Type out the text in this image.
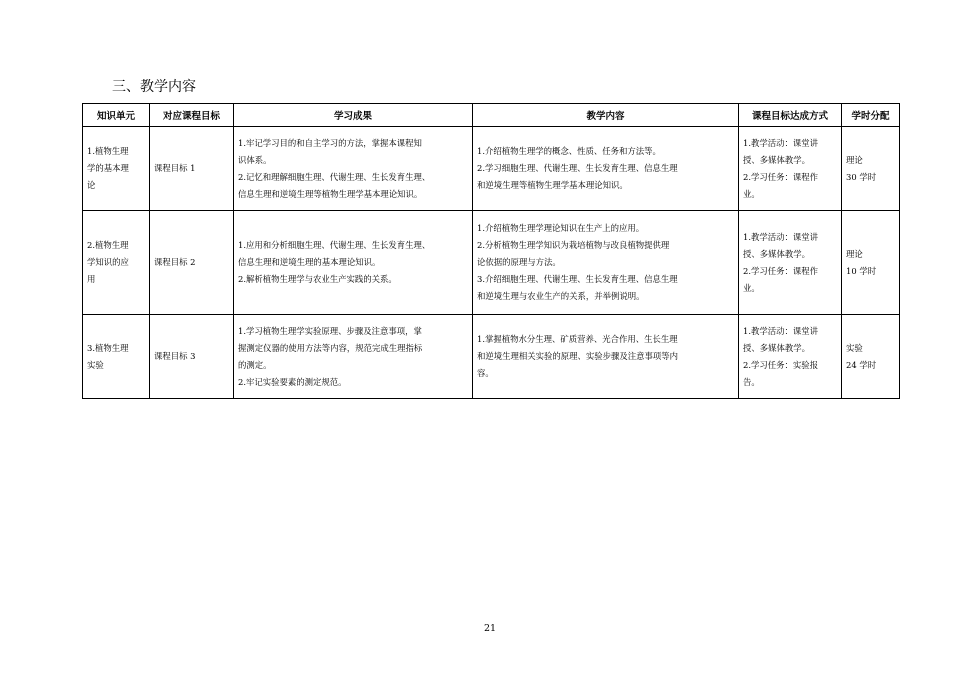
三、教学内容
知识单元	对应课程目标	学习成果	教学内容	课程目标达成方式	学时分配

1.植物生理
学的基本理
论	课程目标 1	1.牢记学习目的和自主学习的方法，掌握本课程知
识体系。
2.记忆和理解细胞生理、代谢生理、生长发育生理、
信息生理和逆境生理等植物生理学基本理论知识。	1.介绍植物生理学的概念、性质、任务和方法等。
2.学习细胞生理、代谢生理、生长发育生理、信息生理
和逆境生理等植物生理学基本理论知识。	1.教学活动：课堂讲
授、多媒体教学。
2.学习任务：课程作
业。	理论
30 学时

2.植物生理
学知识的应
用	课程目标 2	1.应用和分析细胞生理、代谢生理、生长发育生理、
信息生理和逆境生理的基本理论知识。
2.解析植物生理学与农业生产实践的关系。	1.介绍植物生理学理论知识在生产上的应用。
2.分析植物生理学知识为栽培植物与改良植物提供理
论依据的原理与方法。
3.介绍细胞生理、代谢生理、生长发育生理、信息生理
和逆境生理与农业生产的关系，并举例说明。	1.教学活动：课堂讲
授、多媒体教学。
2.学习任务：课程作
业。	理论
10 学时

3.植物生理
实验	课程目标 3	1.学习植物生理学实验原理、步骤及注意事项，掌
握测定仪器的使用方法等内容，规范完成生理指标
的测定。
2.牢记实验要素的测定规范。	1.掌握植物水分生理、矿质营养、光合作用、生长生理
和逆境生理相关实验的原理、实验步骤及注意事项等内
容。	1.教学活动：课堂讲
授、多媒体教学。
2.学习任务：实验报
告。	实验
24 学时
21
